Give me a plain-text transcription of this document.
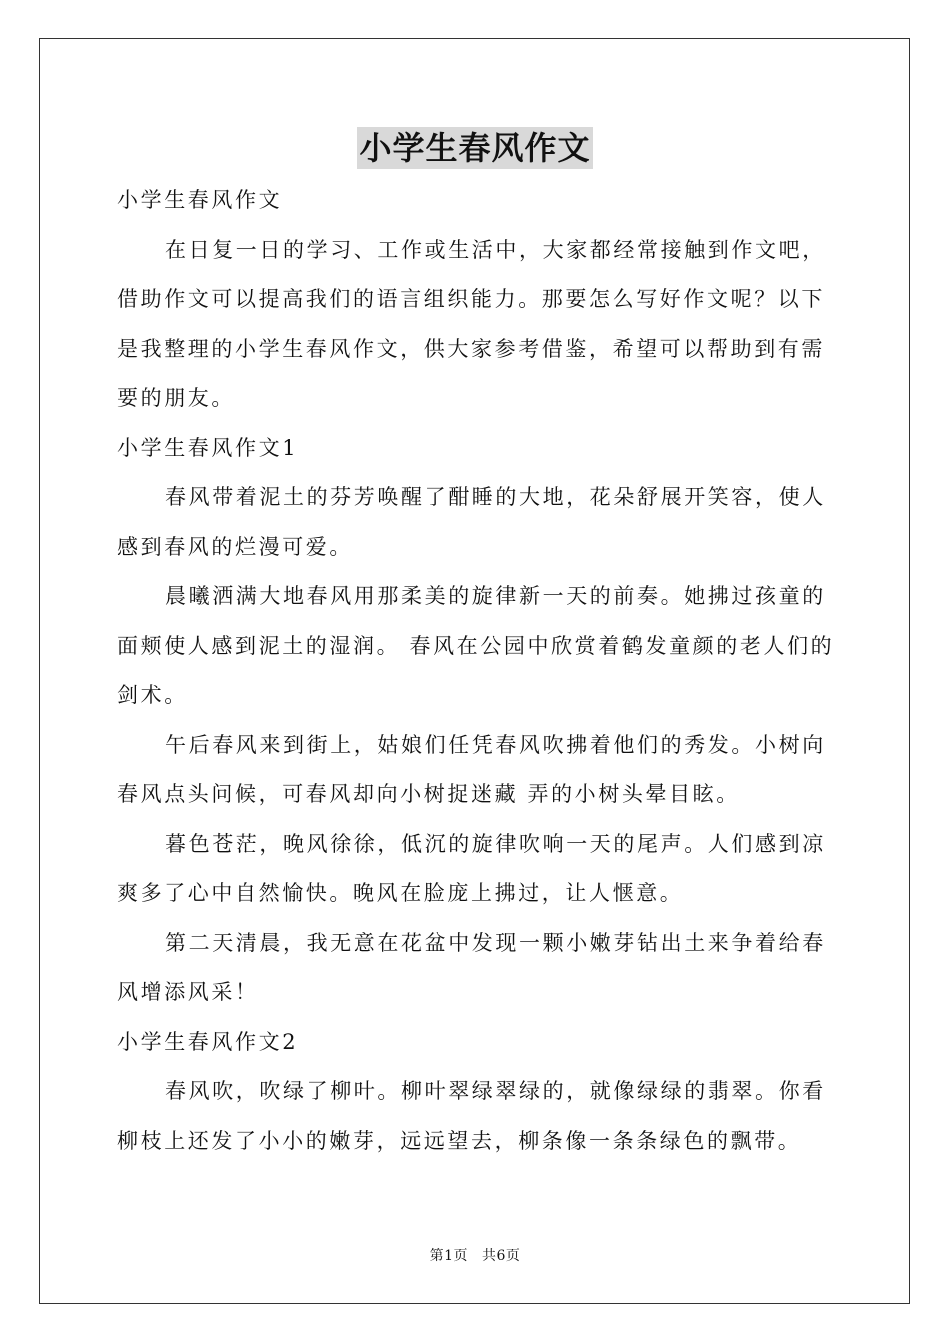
小学生春风作文

小学生春风作文

在日复一日的学习、工作或生活中，大家都经常接触到作文吧，借助作文可以提高我们的语言组织能力。那要怎么写好作文呢？以下是我整理的小学生春风作文，供大家参考借鉴，希望可以帮助到有需要的朋友。

小学生春风作文1

春风带着泥土的芬芳唤醒了酣睡的大地，花朵舒展开笑容，使人感到春风的烂漫可爱。

晨曦洒满大地春风用那柔美的旋律新一天的前奏。她拂过孩童的面颊使人感到泥土的湿润。 春风在公园中欣赏着鹤发童颜的老人们的剑术。

午后春风来到街上，姑娘们任凭春风吹拂着他们的秀发。小树向春风点头问候，可春风却向小树捉迷藏 弄的小树头晕目眩。

暮色苍茫，晚风徐徐，低沉的旋律吹响一天的尾声。人们感到凉爽多了心中自然愉快。晚风在脸庞上拂过，让人惬意。

第二天清晨，我无意在花盆中发现一颗小嫩芽钻出土来争着给春风增添风采！

小学生春风作文2

春风吹，吹绿了柳叶。柳叶翠绿翠绿的，就像绿绿的翡翠。你看柳枝上还发了小小的嫩芽，远远望去，柳条像一条条绿色的飘带。

第1页 共6页
